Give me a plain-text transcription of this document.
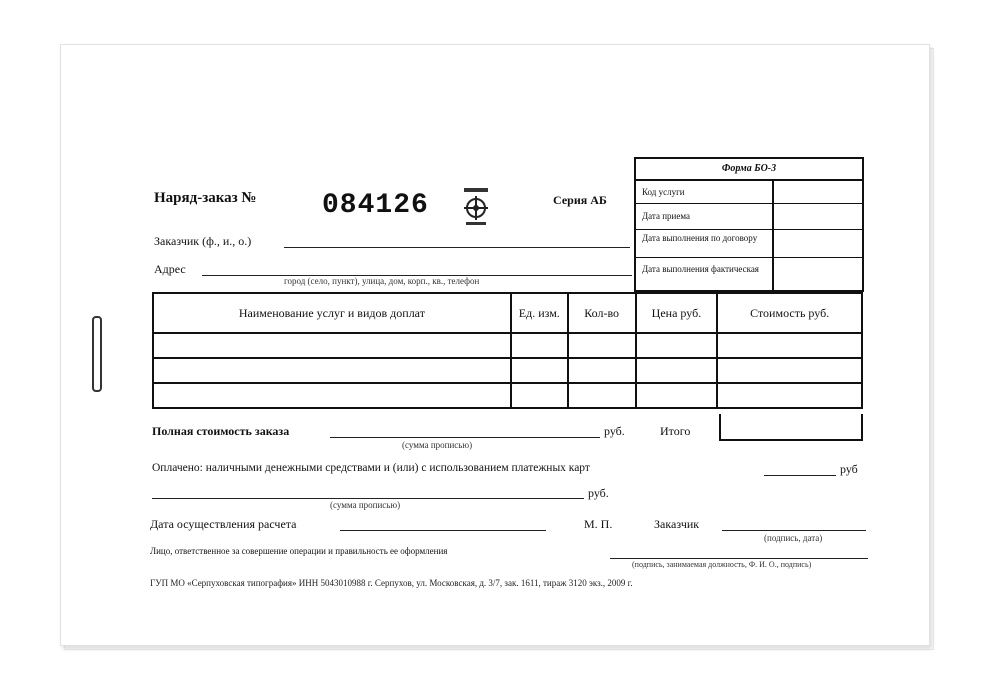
Наряд-заказ № 084126	Серия АБ
Форма БО-3
Код услуги
Дата приема
Дата выполнения по договору
Дата выполнения фактическая
Заказчик (ф., и., о.)
Адрес
город (село, пункт), улица, дом, корп., кв., телефон
Наименование услуг и видов доплат	Ед. изм.	Кол-во	Цена руб.	Стоимость руб.

Полная стоимость заказа
(сумма прописью)
руб.	Итого
Оплачено: наличными денежными средствами и (или) с использованием платежных карт	руб
(сумма прописью)
руб.
Дата осуществления расчета	М. П.	Заказчик
(подпись, дата)
Лицо, ответственное за совершение операции и правильность ее оформления
(подпись, занимаемая должность, Ф. И. О., подпись)
ГУП МО «Серпуховская типография» ИНН 5043010988 г. Серпухов, ул. Московская, д. 3/7, зак. 1611, тираж 3120 экз., 2009 г.
